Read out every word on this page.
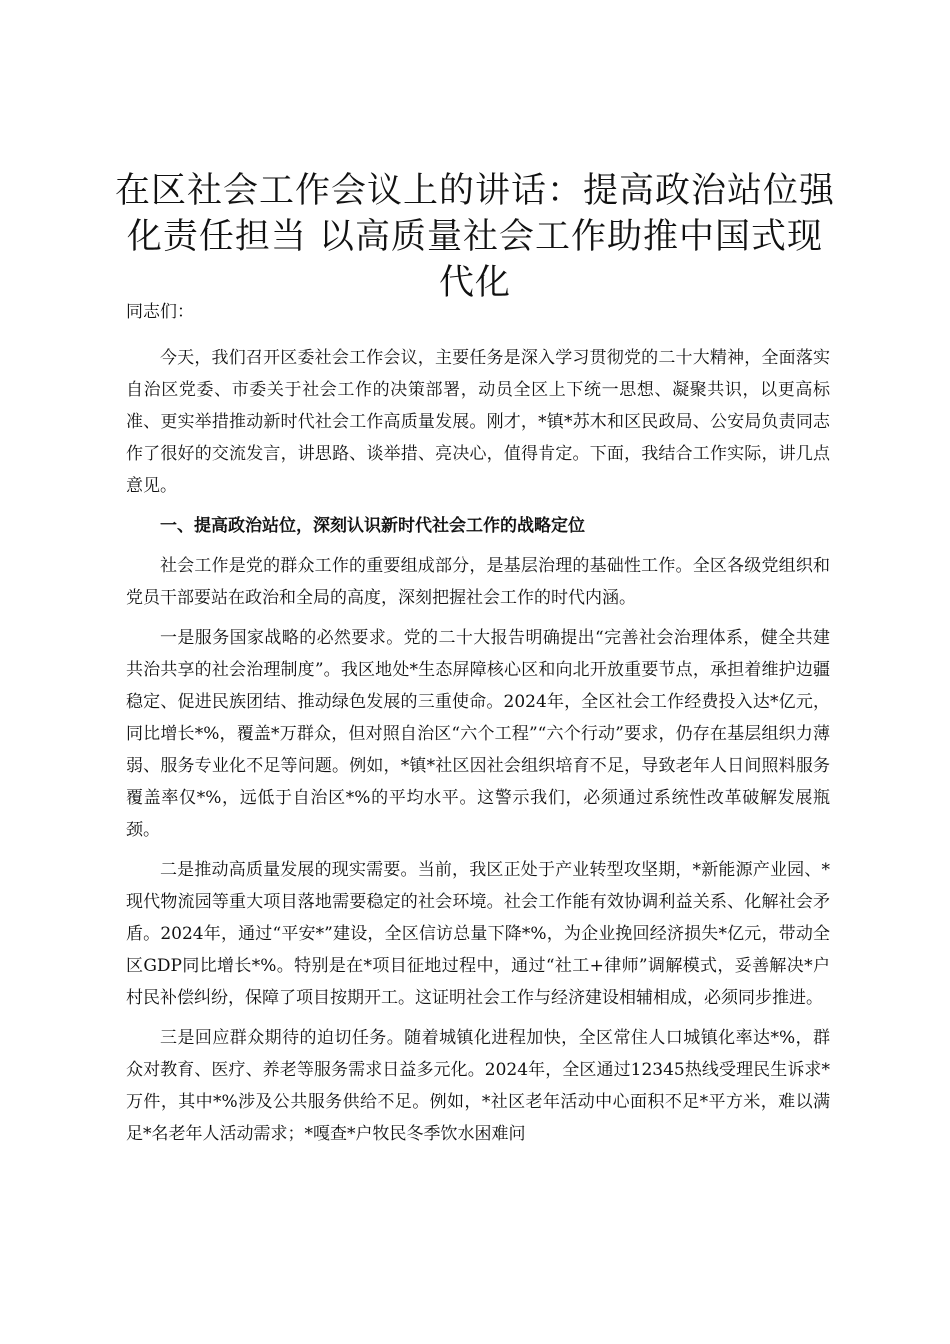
在区社会工作会议上的讲话：提高政治站位强化责任担当 以高质量社会工作助推中国式现代化

同志们：

今天，我们召开区委社会工作会议，主要任务是深入学习贯彻党的二十大精神，全面落实自治区党委、市委关于社会工作的决策部署，动员全区上下统一思想、凝聚共识，以更高标准、更实举措推动新时代社会工作高质量发展。刚才，*镇*苏木和区民政局、公安局负责同志作了很好的交流发言，讲思路、谈举措、亮决心，值得肯定。下面，我结合工作实际，讲几点意见。

一、提高政治站位，深刻认识新时代社会工作的战略定位

社会工作是党的群众工作的重要组成部分，是基层治理的基础性工作。全区各级党组织和党员干部要站在政治和全局的高度，深刻把握社会工作的时代内涵。

一是服务国家战略的必然要求。党的二十大报告明确提出“完善社会治理体系，健全共建共治共享的社会治理制度”。我区地处*生态屏障核心区和向北开放重要节点，承担着维护边疆稳定、促进民族团结、推动绿色发展的三重使命。2024年，全区社会工作经费投入达*亿元，同比增长*%，覆盖*万群众，但对照自治区“六个工程”“六个行动”要求，仍存在基层组织力薄弱、服务专业化不足等问题。例如，*镇*社区因社会组织培育不足，导致老年人日间照料服务覆盖率仅*%，远低于自治区*%的平均水平。这警示我们，必须通过系统性改革破解发展瓶颈。

二是推动高质量发展的现实需要。当前，我区正处于产业转型攻坚期，*新能源产业园、*现代物流园等重大项目落地需要稳定的社会环境。社会工作能有效协调利益关系、化解社会矛盾。2024年，通过“平安*”建设，全区信访总量下降*%，为企业挽回经济损失*亿元，带动全区GDP同比增长*%。特别是在*项目征地过程中，通过“社工+律师”调解模式，妥善解决*户村民补偿纠纷，保障了项目按期开工。这证明社会工作与经济建设相辅相成，必须同步推进。

三是回应群众期待的迫切任务。随着城镇化进程加快，全区常住人口城镇化率达*%，群众对教育、医疗、养老等服务需求日益多元化。2024年，全区通过12345热线受理民生诉求*万件，其中*%涉及公共服务供给不足。例如，*社区老年活动中心面积不足*平方米，难以满足*名老年人活动需求；*嘎查*户牧民冬季饮水困难问
